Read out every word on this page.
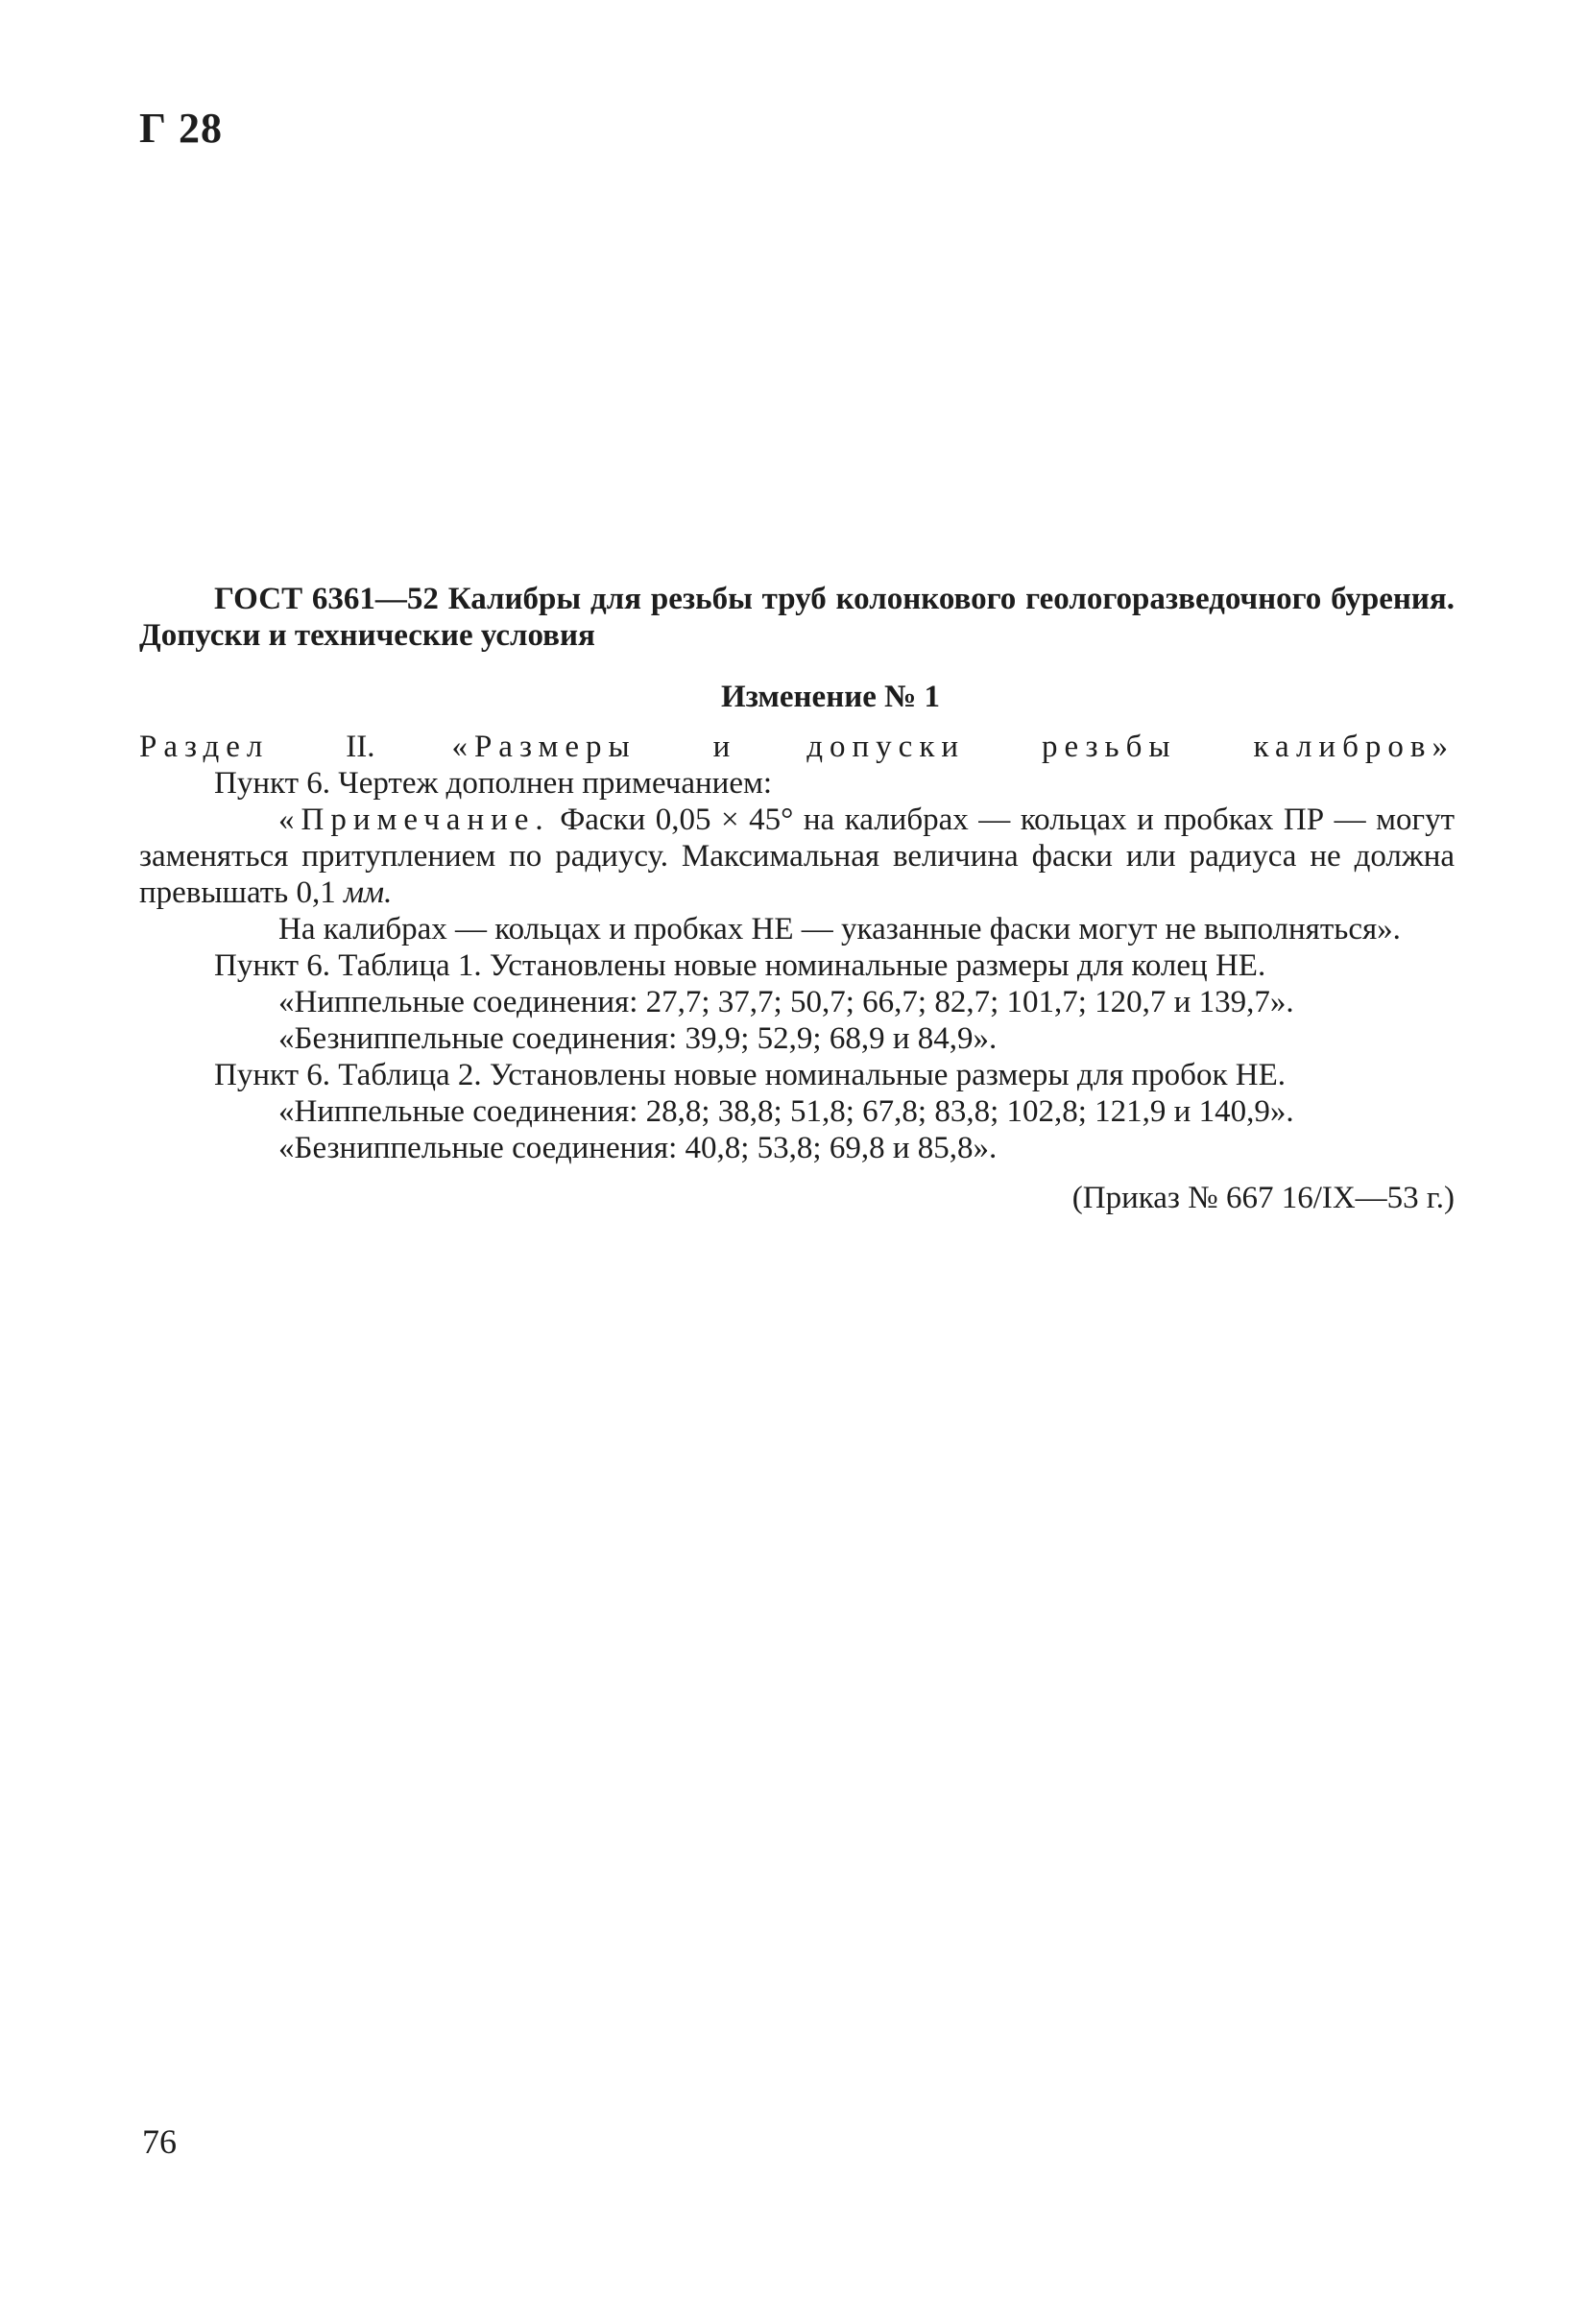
Г 28

ГОСТ 6361—52 Калибры для резьбы труб колонкового геологоразведочного бурения. Допуски и технические условия

Изменение № 1
Раздел II. «Размеры и допуски резьбы калибров»

Пункт 6. Чертеж дополнен примечанием:

«Примечание. Фаски 0,05 × 45° на калибрах — кольцах и пробках ПР — могут заменяться притуплением по радиусу. Максимальная величина фаски или радиуса не должна превышать 0,1 мм.

На калибрах — кольцах и пробках НЕ — указанные фаски могут не выполняться».

Пункт 6. Таблица 1. Установлены новые номинальные размеры для колец НЕ.

«Ниппельные соединения: 27,7; 37,7; 50,7; 66,7; 82,7; 101,7; 120,7 и 139,7».

«Безниппельные соединения: 39,9; 52,9; 68,9 и 84,9».

Пункт 6. Таблица 2. Установлены новые номинальные размеры для пробок НЕ.

«Ниппельные соединения: 28,8; 38,8; 51,8; 67,8; 83,8; 102,8; 121,9 и 140,9».

«Безниппельные соединения: 40,8; 53,8; 69,8 и 85,8».

(Приказ № 667 16/IX—53 г.)
76
